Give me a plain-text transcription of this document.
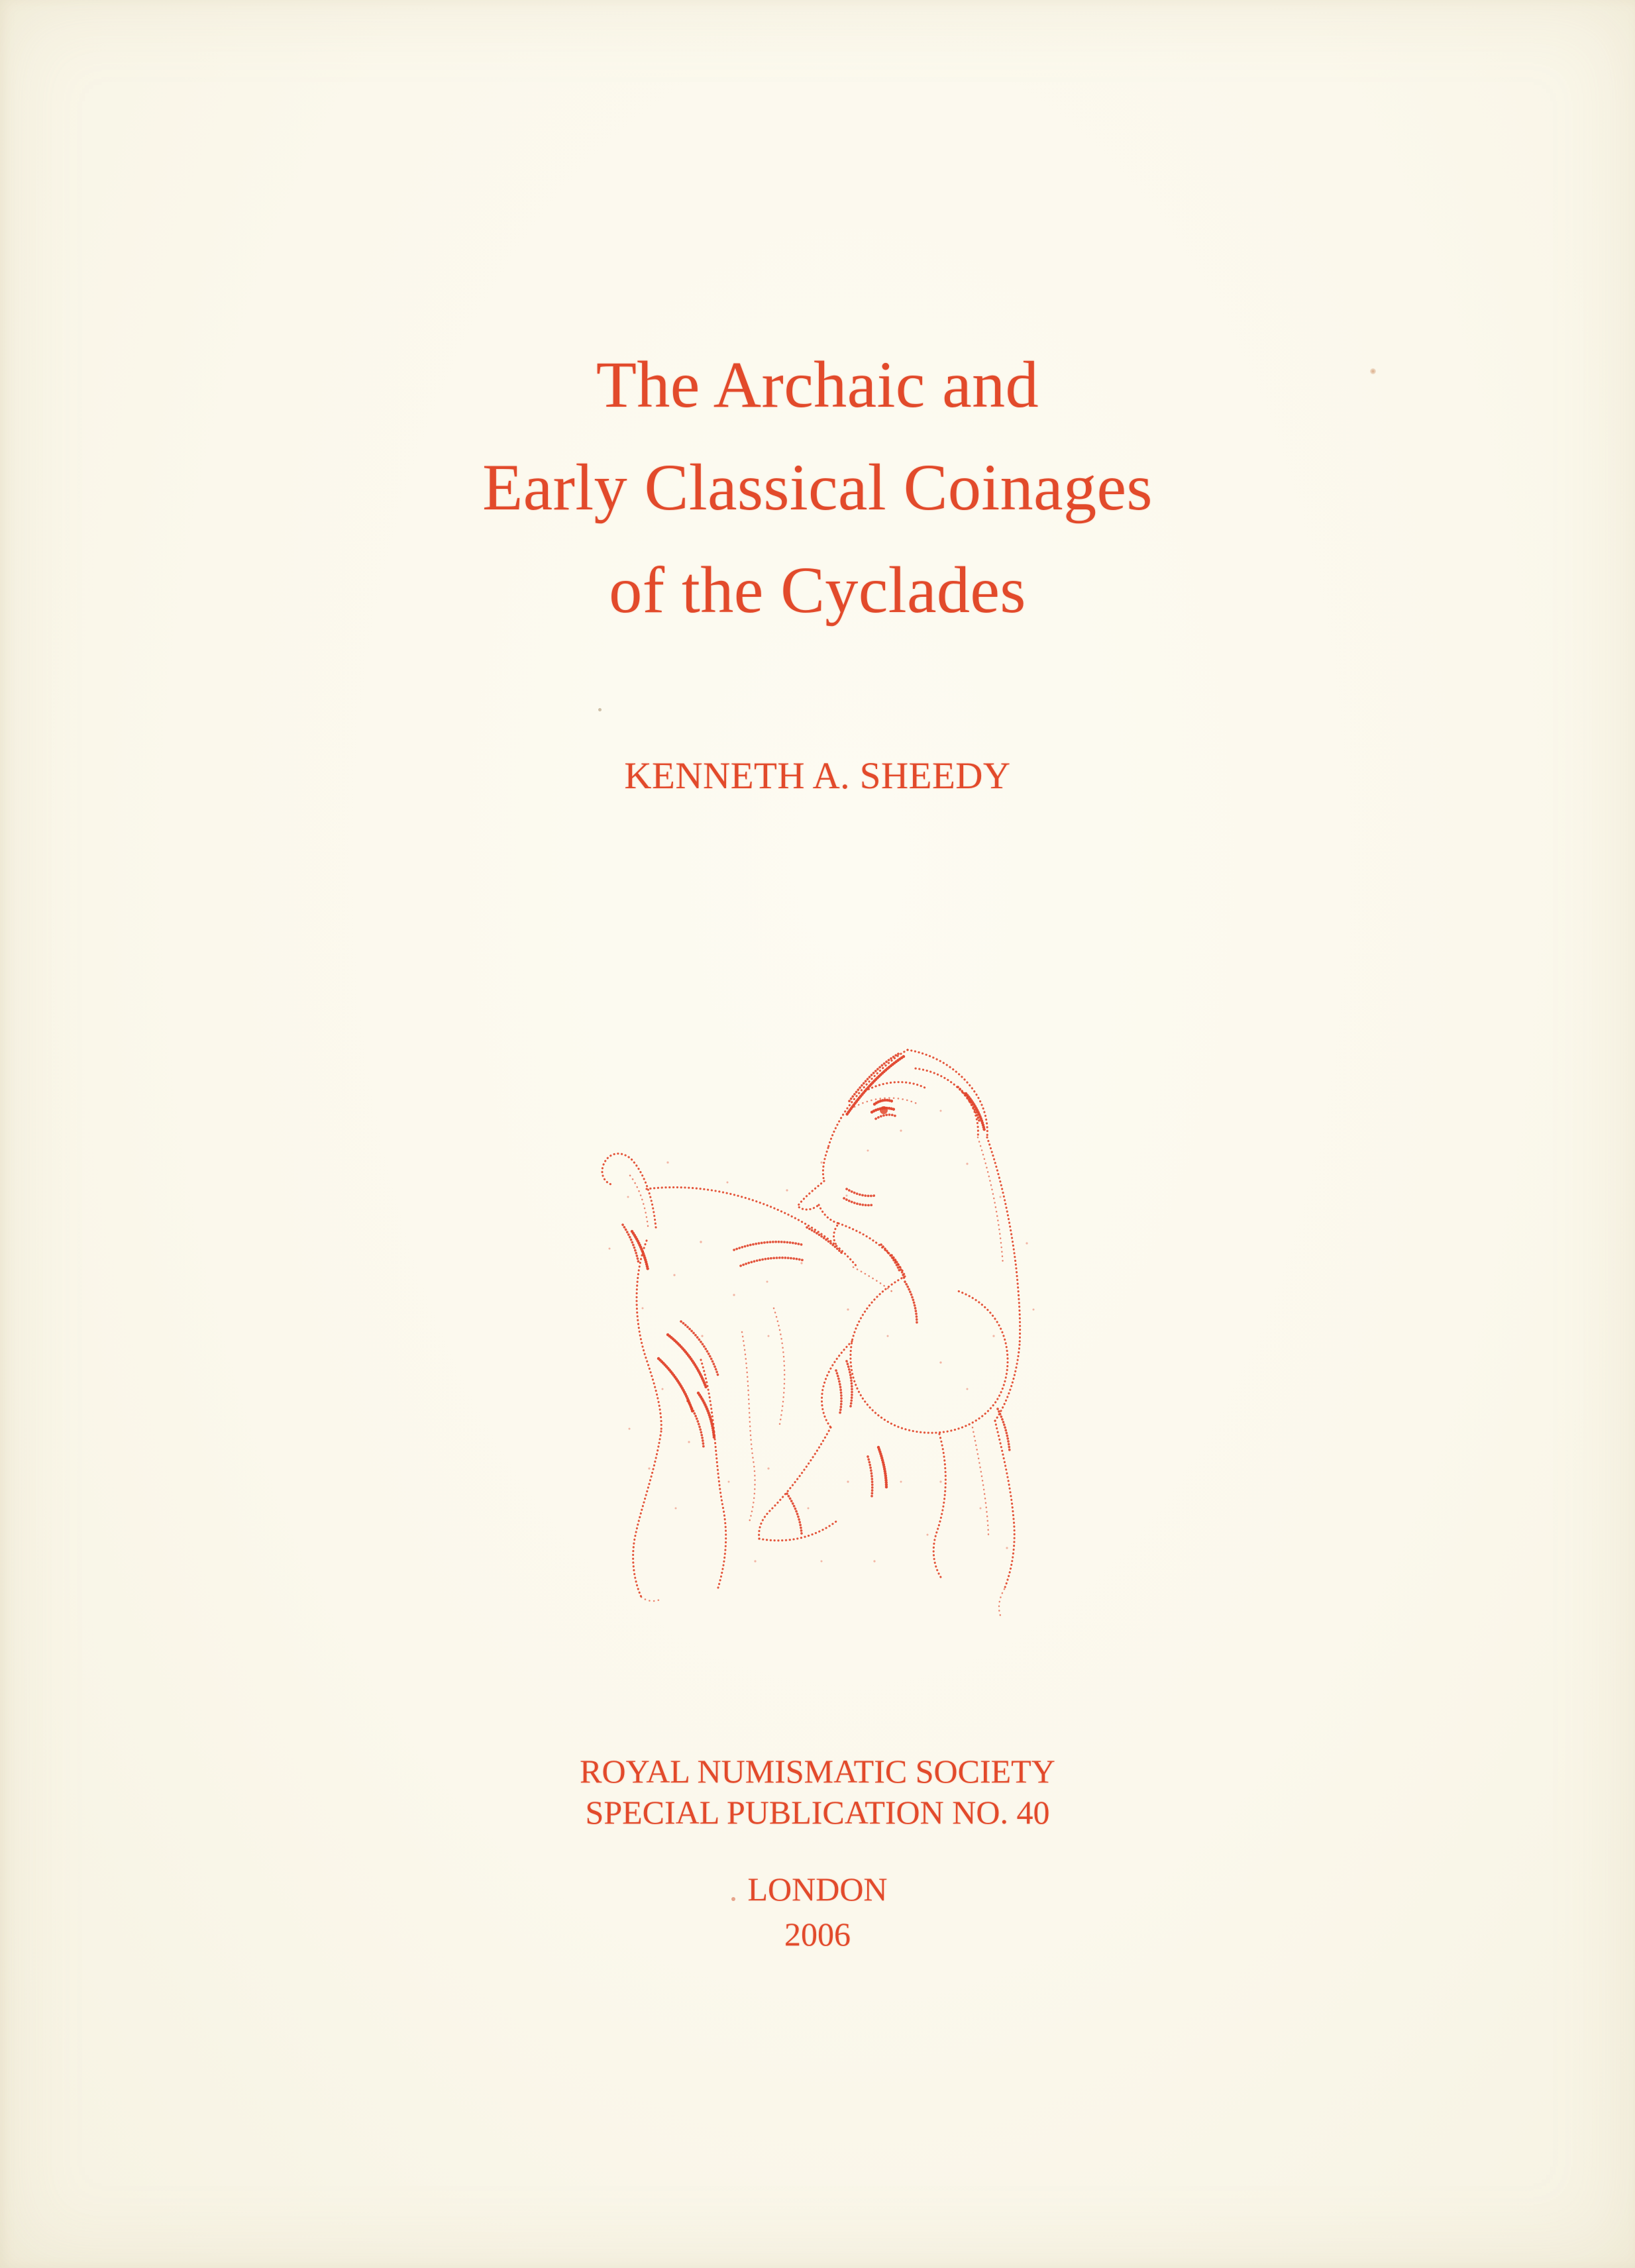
The Archaic and
Early Classical Coinages
of the Cyclades
KENNETH A. SHEEDY
ROYAL NUMISMATIC SOCIETY
SPECIAL PUBLICATION NO. 40
LONDON
2006
